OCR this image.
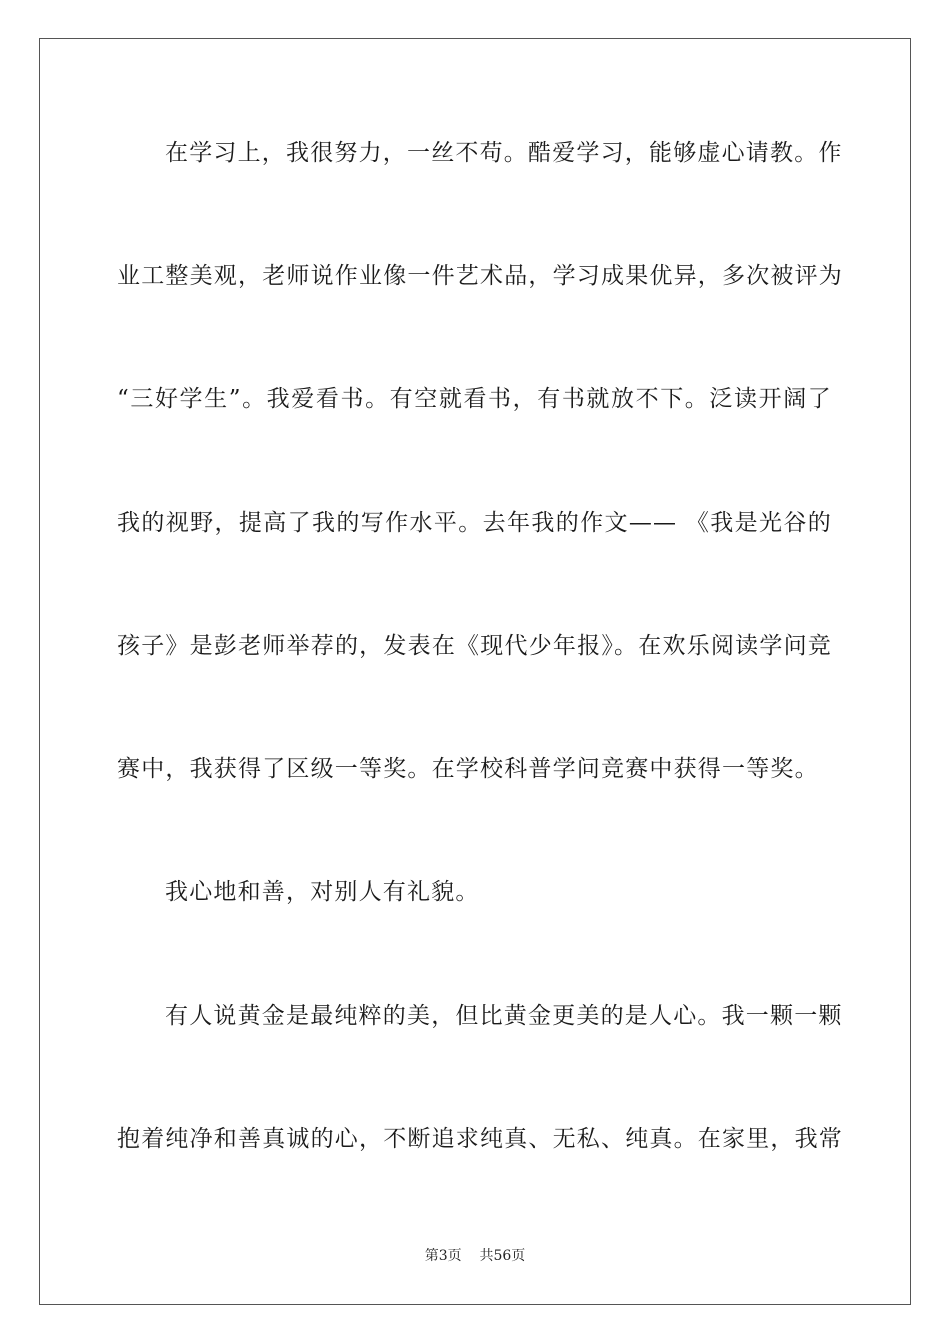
在学习上，我很努力，一丝不苟。酷爱学习，能够虚心请教。作
业工整美观，老师说作业像一件艺术品，学习成果优异，多次被评为
“三好学生”。我爱看书。有空就看书，有书就放不下。泛读开阔了
我的视野，提高了我的写作水平。去年我的作文—— 《我是光谷的
孩子》是彭老师举荐的，发表在《现代少年报》。在欢乐阅读学问竞
赛中，我获得了区级一等奖。在学校科普学问竞赛中获得一等奖。
我心地和善，对别人有礼貌。
有人说黄金是最纯粹的美，但比黄金更美的是人心。我一颗一颗
抱着纯净和善真诚的心，不断追求纯真、无私、纯真。在家里，我常
第3页 共56页
